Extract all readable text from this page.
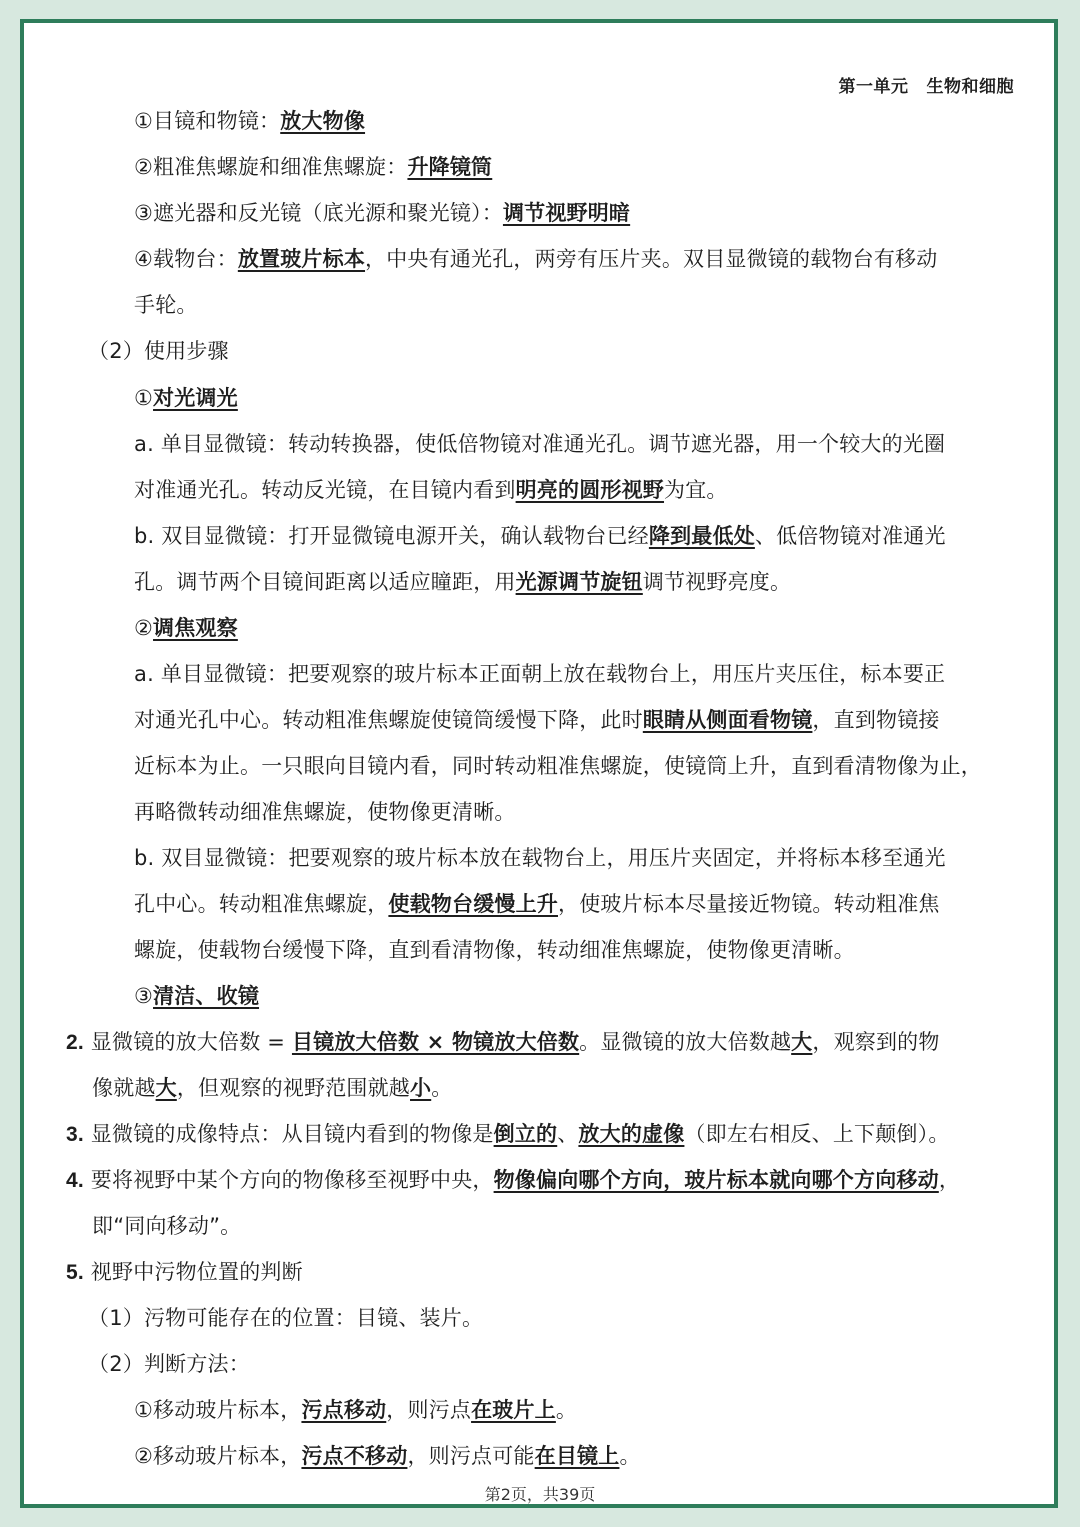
第一单元 生物和细胞
①目镜和物镜：放大物像
②粗准焦螺旋和细准焦螺旋：升降镜筒
③遮光器和反光镜（底光源和聚光镜）：调节视野明暗
④载物台：放置玻片标本，中央有通光孔，两旁有压片夹。双目显微镜的载物台有移动
手轮。
（2）使用步骤
①对光调光
a. 单目显微镜：转动转换器，使低倍物镜对准通光孔。调节遮光器，用一个较大的光圈
对准通光孔。转动反光镜，在目镜内看到明亮的圆形视野为宜。
b. 双目显微镜：打开显微镜电源开关，确认载物台已经降到最低处、低倍物镜对准通光
孔。调节两个目镜间距离以适应瞳距，用光源调节旋钮调节视野亮度。
②调焦观察
a. 单目显微镜：把要观察的玻片标本正面朝上放在载物台上，用压片夹压住，标本要正
对通光孔中心。转动粗准焦螺旋使镜筒缓慢下降，此时眼睛从侧面看物镜，直到物镜接
近标本为止。一只眼向目镜内看，同时转动粗准焦螺旋，使镜筒上升，直到看清物像为止，
再略微转动细准焦螺旋，使物像更清晰。
b. 双目显微镜：把要观察的玻片标本放在载物台上，用压片夹固定，并将标本移至通光
孔中心。转动粗准焦螺旋，使载物台缓慢上升，使玻片标本尽量接近物镜。转动粗准焦
螺旋，使载物台缓慢下降，直到看清物像，转动细准焦螺旋，使物像更清晰。
③清洁、收镜
2. 显微镜的放大倍数 = 目镜放大倍数 × 物镜放大倍数。显微镜的放大倍数越大，观察到的物
像就越大，但观察的视野范围就越小。
3. 显微镜的成像特点：从目镜内看到的物像是倒立的、放大的虚像（即左右相反、上下颠倒）。
4. 要将视野中某个方向的物像移至视野中央，物像偏向哪个方向，玻片标本就向哪个方向移动，
即“同向移动”。
5. 视野中污物位置的判断
（1）污物可能存在的位置：目镜、装片。
（2）判断方法：
①移动玻片标本，污点移动，则污点在玻片上。
②移动玻片标本，污点不移动，则污点可能在目镜上。
第2页，共39页
